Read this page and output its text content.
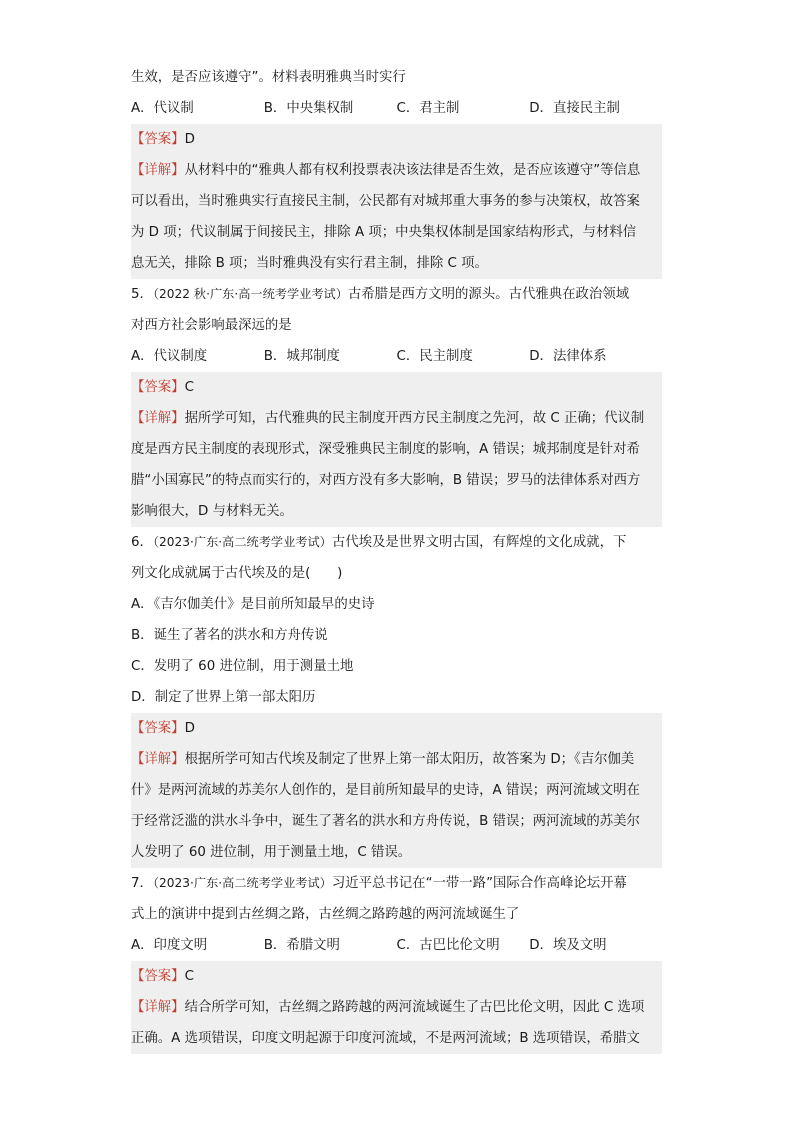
生效，是否应该遵守”。材料表明雅典当时实行
A．代议制	B．中央集权制	C．君主制	D．直接民主制
【答案】D
【详解】从材料中的“雅典人都有权利投票表决该法律是否生效，是否应该遵守”等信息
可以看出，当时雅典实行直接民主制，公民都有对城邦重大事务的参与决策权，故答案
为 D 项；代议制属于间接民主，排除 A 项；中央集权体制是国家结构形式，与材料信
息无关，排除 B 项；当时雅典没有实行君主制，排除 C 项。
5．（2022 秋·广东·高一统考学业考试）古希腊是西方文明的源头。古代雅典在政治领域
对西方社会影响最深远的是
A．代议制度	B．城邦制度	C．民主制度	D．法律体系
【答案】C
【详解】据所学可知，古代雅典的民主制度开西方民主制度之先河，故 C 正确；代议制
度是西方民主制度的表现形式，深受雅典民主制度的影响，A 错误；城邦制度是针对希
腊“小国寡民”的特点而实行的，对西方没有多大影响，B 错误；罗马的法律体系对西方
影响很大，D 与材料无关。
6．（2023·广东·高二统考学业考试）古代埃及是世界文明古国，有辉煌的文化成就，下
列文化成就属于古代埃及的是(　　)
A．《吉尔伽美什》是目前所知最早的史诗
B．诞生了著名的洪水和方舟传说
C．发明了 60 进位制，用于测量土地
D．制定了世界上第一部太阳历
【答案】D
【详解】根据所学可知古代埃及制定了世界上第一部太阳历，故答案为 D；《吉尔伽美
什》是两河流域的苏美尔人创作的，是目前所知最早的史诗，A 错误；两河流域文明在
于经常泛滥的洪水斗争中，诞生了著名的洪水和方舟传说，B 错误；两河流域的苏美尔
人发明了 60 进位制，用于测量土地，C 错误。
7．（2023·广东·高二统考学业考试）习近平总书记在“一带一路”国际合作高峰论坛开幕
式上的演讲中提到古丝绸之路，古丝绸之路跨越的两河流域诞生了
A．印度文明	B．希腊文明	C．古巴比伦文明	D．埃及文明
【答案】C
【详解】结合所学可知，古丝绸之路跨越的两河流域诞生了古巴比伦文明，因此 C 选项
正确。A 选项错误，印度文明起源于印度河流域，不是两河流域；B 选项错误，希腊文
